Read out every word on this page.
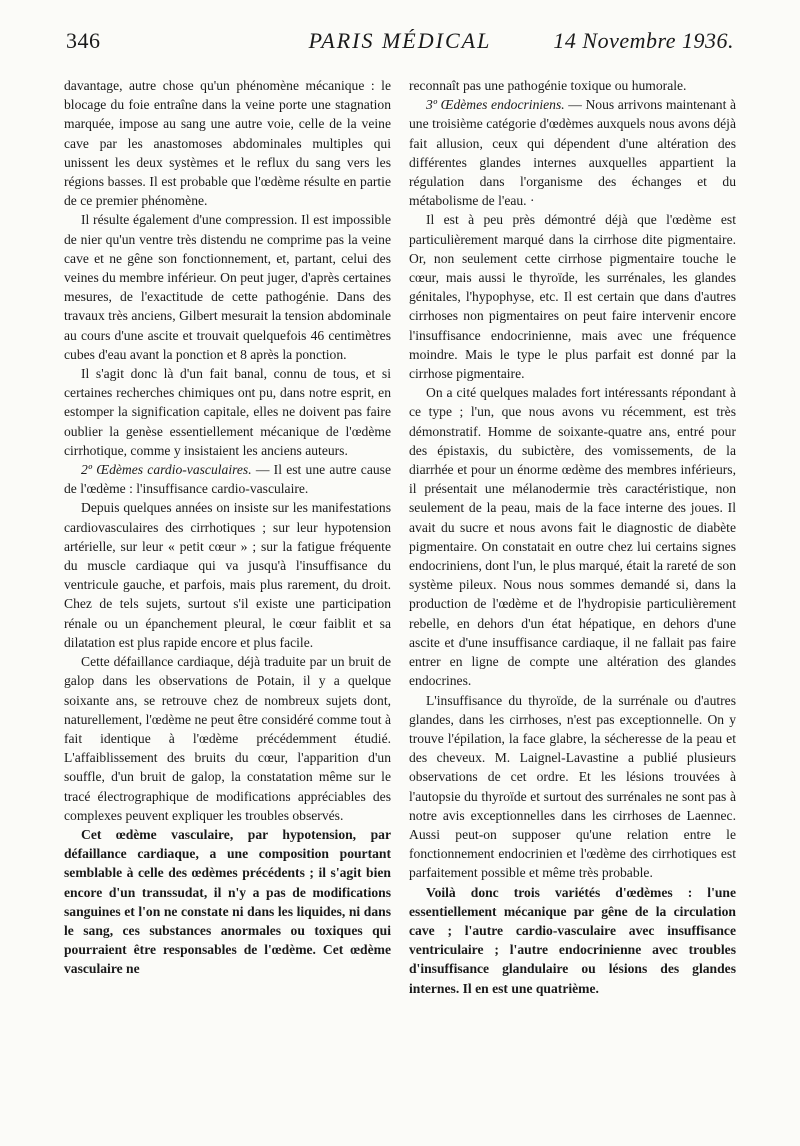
346	PARIS MÉDICAL	14 Novembre 1936.

davantage, autre chose qu'un phénomène mécanique : le blocage du foie entraîne dans la veine porte une stagnation marquée, impose au sang une autre voie, celle de la veine cave par les anastomoses abdominales multiples qui unissent les deux systèmes et le reflux du sang vers les régions basses. Il est probable que l'œdème résulte en partie de ce premier phénomène.

Il résulte également d'une compression. Il est impossible de nier qu'un ventre très distendu ne comprime pas la veine cave et ne gêne son fonctionnement, et, partant, celui des veines du membre inférieur. On peut juger, d'après certaines mesures, de l'exactitude de cette pathogénie. Dans des travaux très anciens, Gilbert mesurait la tension abdominale au cours d'une ascite et trouvait quelquefois 46 centimètres cubes d'eau avant la ponction et 8 après la ponction.

Il s'agit donc là d'un fait banal, connu de tous, et si certaines recherches chimiques ont pu, dans notre esprit, en estomper la signification capitale, elles ne doivent pas faire oublier la genèse essentiellement mécanique de l'œdème cirrhotique, comme y insistaient les anciens auteurs.

2º Œdèmes cardio-vasculaires. — Il est une autre cause de l'œdème : l'insuffisance cardio-vasculaire.

Depuis quelques années on insiste sur les manifestations cardiovasculaires des cirrhotiques ; sur leur hypotension artérielle, sur leur « petit cœur » ; sur la fatigue fréquente du muscle cardiaque qui va jusqu'à l'insuffisance du ventricule gauche, et parfois, mais plus rarement, du droit. Chez de tels sujets, surtout s'il existe une participation rénale ou un épanchement pleural, le cœur faiblit et sa dilatation est plus rapide encore et plus facile.

Cette défaillance cardiaque, déjà traduite par un bruit de galop dans les observations de Potain, il y a quelque soixante ans, se retrouve chez de nombreux sujets dont, naturellement, l'œdème ne peut être considéré comme tout à fait identique à l'œdème précédemment étudié. L'affaiblissement des bruits du cœur, l'apparition d'un souffle, d'un bruit de galop, la constatation même sur le tracé électrographique de modifications appréciables des complexes peuvent expliquer les troubles observés.

Cet œdème vasculaire, par hypotension, par défaillance cardiaque, a une composition pourtant semblable à celle des œdèmes précédents ; il s'agit bien encore d'un transsudat, il n'y a pas de modifications sanguines et l'on ne constate ni dans les liquides, ni dans le sang, ces substances anormales ou toxiques qui pourraient être responsables de l'œdème. Cet œdème vasculaire ne

reconnaît pas une pathogénie toxique ou humorale.

3º Œdèmes endocriniens. — Nous arrivons maintenant à une troisième catégorie d'œdèmes auxquels nous avons déjà fait allusion, ceux qui dépendent d'une altération des différentes glandes internes auxquelles appartient la régulation dans l'organisme des échanges et du métabolisme de l'eau. ·

Il est à peu près démontré déjà que l'œdème est particulièrement marqué dans la cirrhose dite pigmentaire. Or, non seulement cette cirrhose pigmentaire touche le cœur, mais aussi le thyroïde, les surrénales, les glandes génitales, l'hypophyse, etc. Il est certain que dans d'autres cirrhoses non pigmentaires on peut faire intervenir encore l'insuffisance endocrinienne, mais avec une fréquence moindre. Mais le type le plus parfait est donné par la cirrhose pigmentaire.

On a cité quelques malades fort intéressants répondant à ce type ; l'un, que nous avons vu récemment, est très démonstratif. Homme de soixante-quatre ans, entré pour des épistaxis, du subictère, des vomissements, de la diarrhée et pour un énorme œdème des membres inférieurs, il présentait une mélanodermie très caractéristique, non seulement de la peau, mais de la face interne des joues. Il avait du sucre et nous avons fait le diagnostic de diabète pigmentaire. On constatait en outre chez lui certains signes endocriniens, dont l'un, le plus marqué, était la rareté de son système pileux. Nous nous sommes demandé si, dans la production de l'œdème et de l'hydropisie particulièrement rebelle, en dehors d'un état hépatique, en dehors d'une ascite et d'une insuffisance cardiaque, il ne fallait pas faire entrer en ligne de compte une altération des glandes endocrines.

L'insuffisance du thyroïde, de la surrénale ou d'autres glandes, dans les cirrhoses, n'est pas exceptionnelle. On y trouve l'épilation, la face glabre, la sécheresse de la peau et des cheveux. M. Laignel-Lavastine a publié plusieurs observations de cet ordre. Et les lésions trouvées à l'autopsie du thyroïde et surtout des surrénales ne sont pas à notre avis exceptionnelles dans les cirrhoses de Laennec. Aussi peut-on supposer qu'une relation entre le fonctionnement endocrinien et l'œdème des cirrhotiques est parfaitement possible et même très probable.

Voilà donc trois variétés d'œdèmes : l'une essentiellement mécanique par gêne de la circulation cave ; l'autre cardio-vasculaire avec insuffisance ventriculaire ; l'autre endocrinienne avec troubles d'insuffisance glandulaire ou lésions des glandes internes. Il en est une quatrième.
